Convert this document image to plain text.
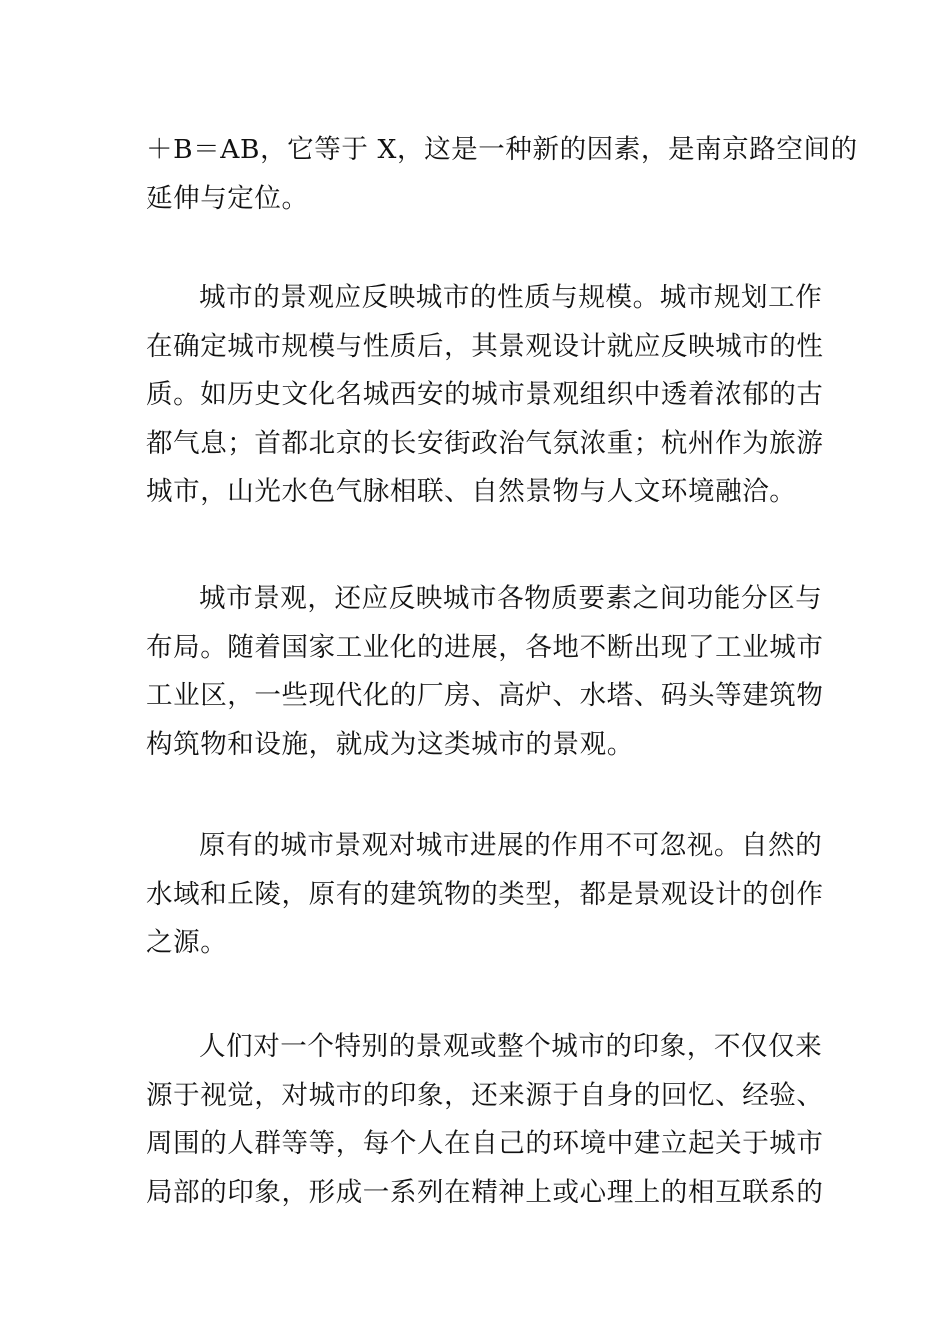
＋B＝AB，它等于 X，这是一种新的因素，是南京路空间的
延伸与定位。
城市的景观应反映城市的性质与规模。城市规划工作
在确定城市规模与性质后，其景观设计就应反映城市的性
质。如历史文化名城西安的城市景观组织中透着浓郁的古
都气息；首都北京的长安街政治气氛浓重；杭州作为旅游
城市，山光水色气脉相联、自然景物与人文环境融洽。
城市景观，还应反映城市各物质要素之间功能分区与
布局。随着国家工业化的进展，各地不断出现了工业城市
工业区，一些现代化的厂房、高炉、水塔、码头等建筑物
构筑物和设施，就成为这类城市的景观。
原有的城市景观对城市进展的作用不可忽视。自然的
水域和丘陵，原有的建筑物的类型，都是景观设计的创作
之源。
人们对一个特别的景观或整个城市的印象，不仅仅来
源于视觉，对城市的印象，还来源于自身的回忆、经验、
周围的人群等等，每个人在自己的环境中建立起关于城市
局部的印象，形成一系列在精神上或心理上的相互联系的
